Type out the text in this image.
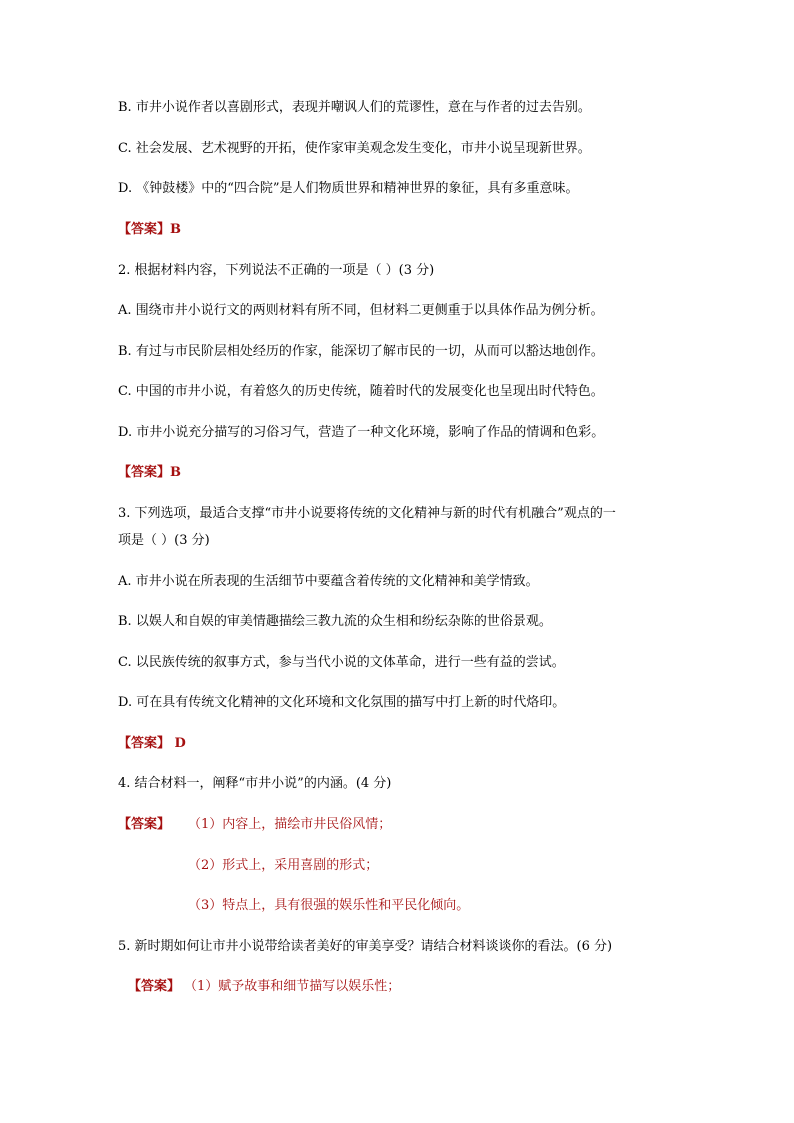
B. 市井小说作者以喜剧形式，表现并嘲讽人们的荒谬性，意在与作者的过去告别。
C. 社会发展、艺术视野的开拓，使作家审美观念发生变化，市井小说呈现新世界。
D. 《钟鼓楼》中的“四合院”是人们物质世界和精神世界的象征，具有多重意味。
【答案】B
2. 根据材料内容，下列说法不正确的一项是（ ）(3 分)
A. 围绕市井小说行文的两则材料有所不同，但材料二更侧重于以具体作品为例分析。
B. 有过与市民阶层相处经历的作家，能深切了解市民的一切，从而可以豁达地创作。
C. 中国的市井小说，有着悠久的历史传统，随着时代的发展变化也呈现出时代特色。
D. 市井小说充分描写的习俗习气，营造了一种文化环境，影响了作品的情调和色彩。
【答案】B
3. 下列选项，最适合支撑“市井小说要将传统的文化精神与新的时代有机融合”观点的一
项是（ ）(3 分)
A. 市井小说在所表现的生活细节中要蕴含着传统的文化精神和美学情致。
B. 以娱人和自娱的审美情趣描绘三教九流的众生相和纷纭杂陈的世俗景观。
C. 以民族传统的叙事方式，参与当代小说的文体革命，进行一些有益的尝试。
D. 可在具有传统文化精神的文化环境和文化氛围的描写中打上新的时代烙印。
【答案】 D
4. 结合材料一，阐释“市井小说”的内涵。(4 分)
【答案】 （1）内容上，描绘市井民俗风情；
（2）形式上，采用喜剧的形式；
（3）特点上，具有很强的娱乐性和平民化倾向。
5. 新时期如何让市井小说带给读者美好的审美享受？请结合材料谈谈你的看法。(6 分)
【答案】 （1）赋予故事和细节描写以娱乐性；
